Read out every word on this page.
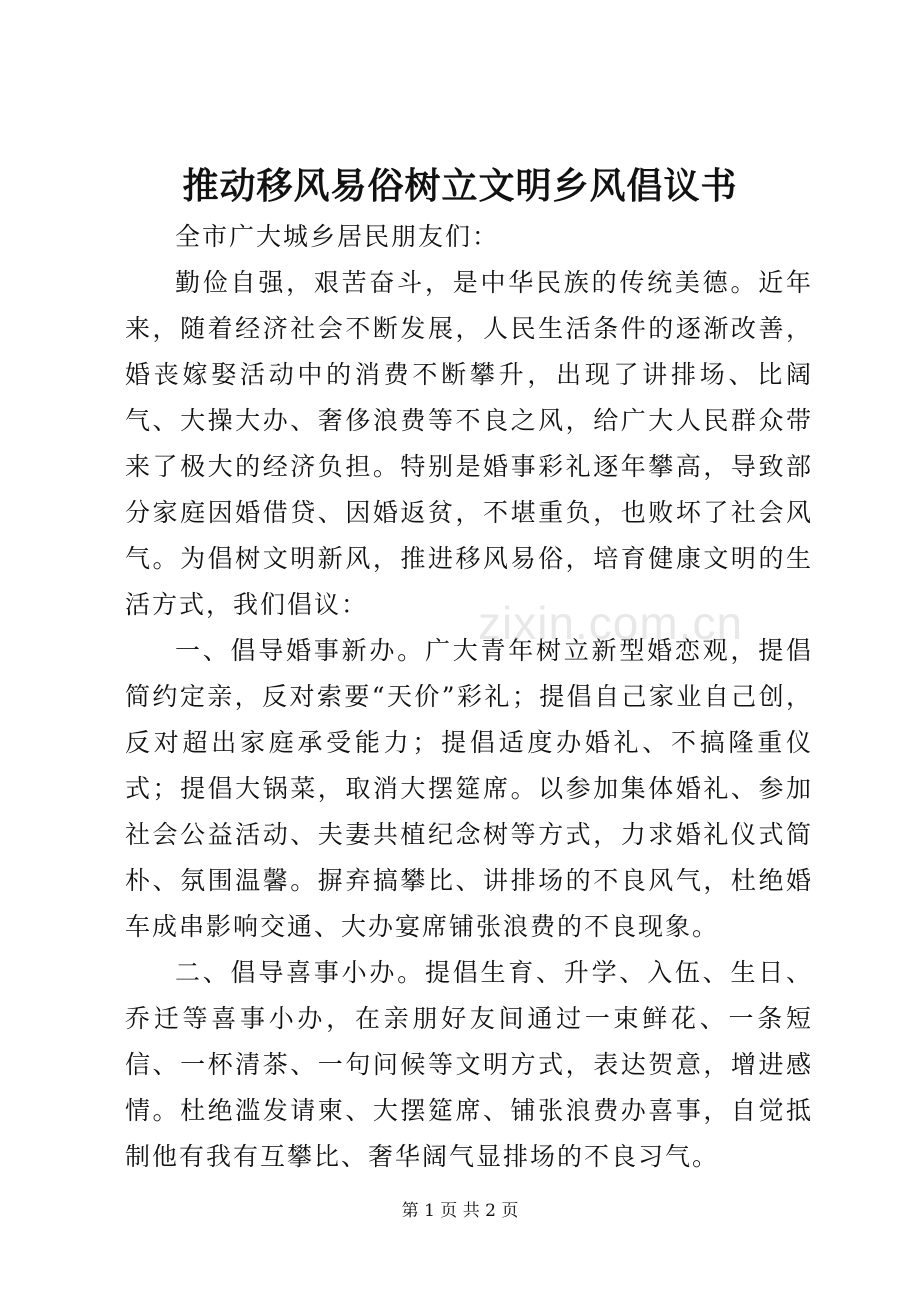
推动移风易俗树立文明乡风倡议书

全市广大城乡居民朋友们：

勤俭自强，艰苦奋斗，是中华民族的传统美德。近年来，随着经济社会不断发展，人民生活条件的逐渐改善，婚丧嫁娶活动中的消费不断攀升，出现了讲排场、比阔气、大操大办、奢侈浪费等不良之风，给广大人民群众带来了极大的经济负担。特别是婚事彩礼逐年攀高，导致部分家庭因婚借贷、因婚返贫，不堪重负，也败坏了社会风气。为倡树文明新风，推进移风易俗，培育健康文明的生活方式，我们倡议：

一、倡导婚事新办。广大青年树立新型婚恋观，提倡简约定亲，反对索要“天价”彩礼；提倡自己家业自己创，反对超出家庭承受能力；提倡适度办婚礼、不搞隆重仪式；提倡大锅菜，取消大摆筵席。以参加集体婚礼、参加社会公益活动、夫妻共植纪念树等方式，力求婚礼仪式简朴、氛围温馨。摒弃搞攀比、讲排场的不良风气，杜绝婚车成串影响交通、大办宴席铺张浪费的不良现象。

二、倡导喜事小办。提倡生育、升学、入伍、生日、乔迁等喜事小办，在亲朋好友间通过一束鲜花、一条短信、一杯清茶、一句问候等文明方式，表达贺意，增进感情。杜绝滥发请柬、大摆筵席、铺张浪费办喜事，自觉抵制他有我有互攀比、奢华阔气显排场的不良习气。

zixin.com.cn
第 1 页 共 2 页
